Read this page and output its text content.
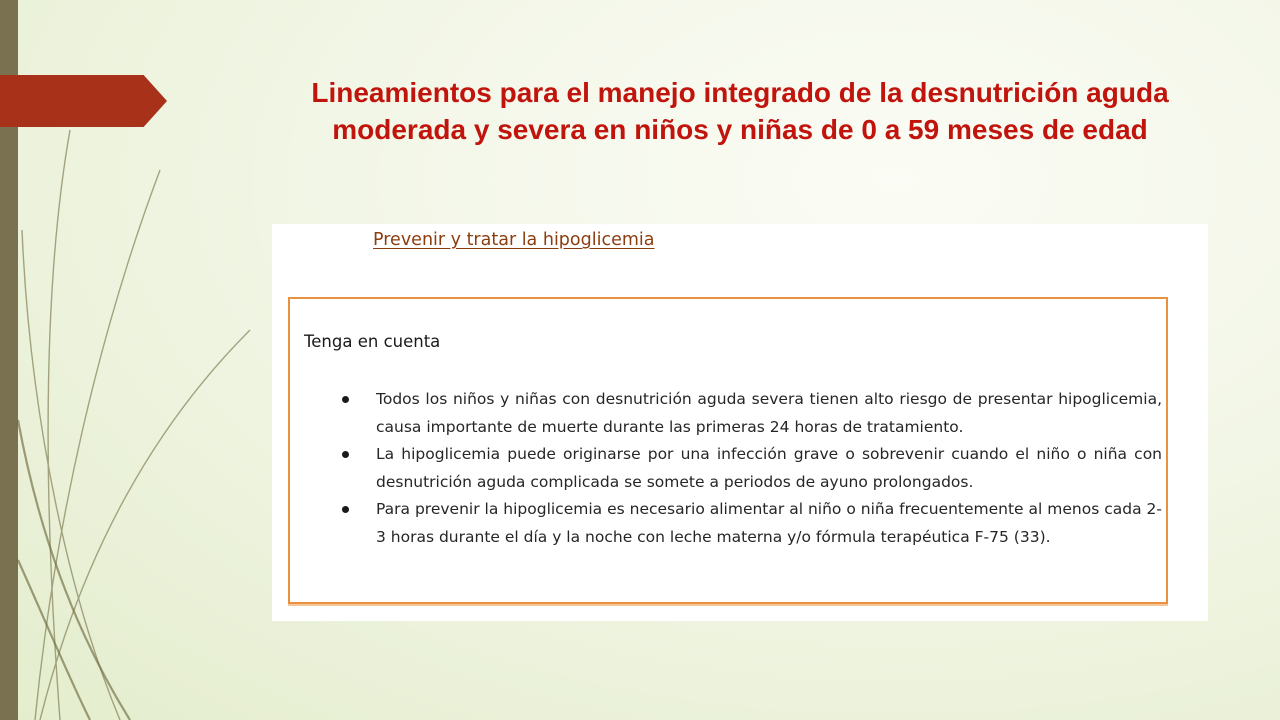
Lineamientos para el manejo integrado de la desnutrición aguda moderada y severa en niños y niñas de 0 a 59 meses de edad
Prevenir y tratar la hipoglicemia

Tenga en cuenta

Todos los niños y niñas con desnutrición aguda severa tienen alto riesgo de presentar hipoglicemia, causa importante de muerte durante las primeras 24 horas de tratamiento.
La hipoglicemia puede originarse por una infección grave o sobrevenir cuando el niño o niña con desnutrición aguda complicada se somete a periodos de ayuno prolongados.
Para prevenir la hipoglicemia es necesario alimentar al niño o niña frecuentemente al menos cada 2-3 horas durante el día y la noche con leche materna y/o fórmula terapéutica F-75 (33).
